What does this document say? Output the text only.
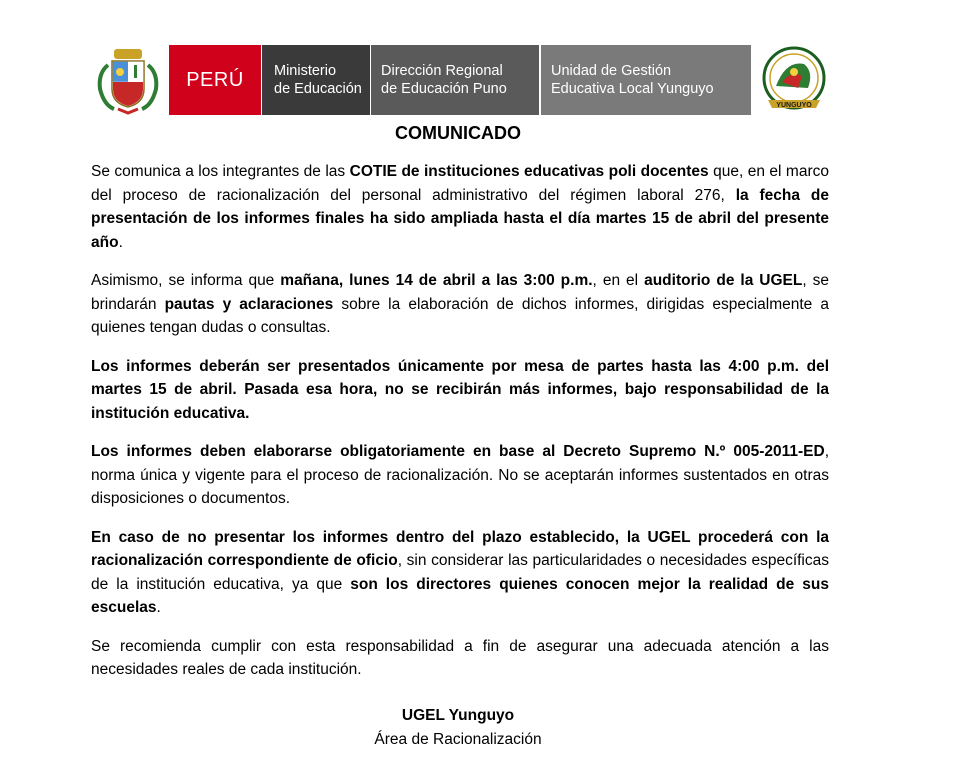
PERÚ Ministerio
de Educación
Dirección Regional
de Educación Puno
Unidad de Gestión
Educativa Local Yunguyo
YUNGUYO
COMUNICADO

Se comunica a los integrantes de las COTIE de instituciones educativas poli docentes que, en el marco del proceso de racionalización del personal administrativo del régimen laboral 276, la fecha de presentación de los informes finales ha sido ampliada hasta el día martes 15 de abril del presente año.

Asimismo, se informa que mañana, lunes 14 de abril a las 3:00 p.m., en el auditorio de la UGEL, se brindarán pautas y aclaraciones sobre la elaboración de dichos informes, dirigidas especialmente a quienes tengan dudas o consultas.

Los informes deberán ser presentados únicamente por mesa de partes hasta las 4:00 p.m. del martes 15 de abril. Pasada esa hora, no se recibirán más informes, bajo responsabilidad de la institución educativa.

Los informes deben elaborarse obligatoriamente en base al Decreto Supremo N.º 005-2011-ED, norma única y vigente para el proceso de racionalización. No se aceptarán informes sustentados en otras disposiciones o documentos.

En caso de no presentar los informes dentro del plazo establecido, la UGEL procederá con la racionalización correspondiente de oficio, sin considerar las particularidades o necesidades específicas de la institución educativa, ya que son los directores quienes conocen mejor la realidad de sus escuelas.

Se recomienda cumplir con esta responsabilidad a fin de asegurar una adecuada atención a las necesidades reales de cada institución.

UGEL Yunguyo
Área de Racionalización
